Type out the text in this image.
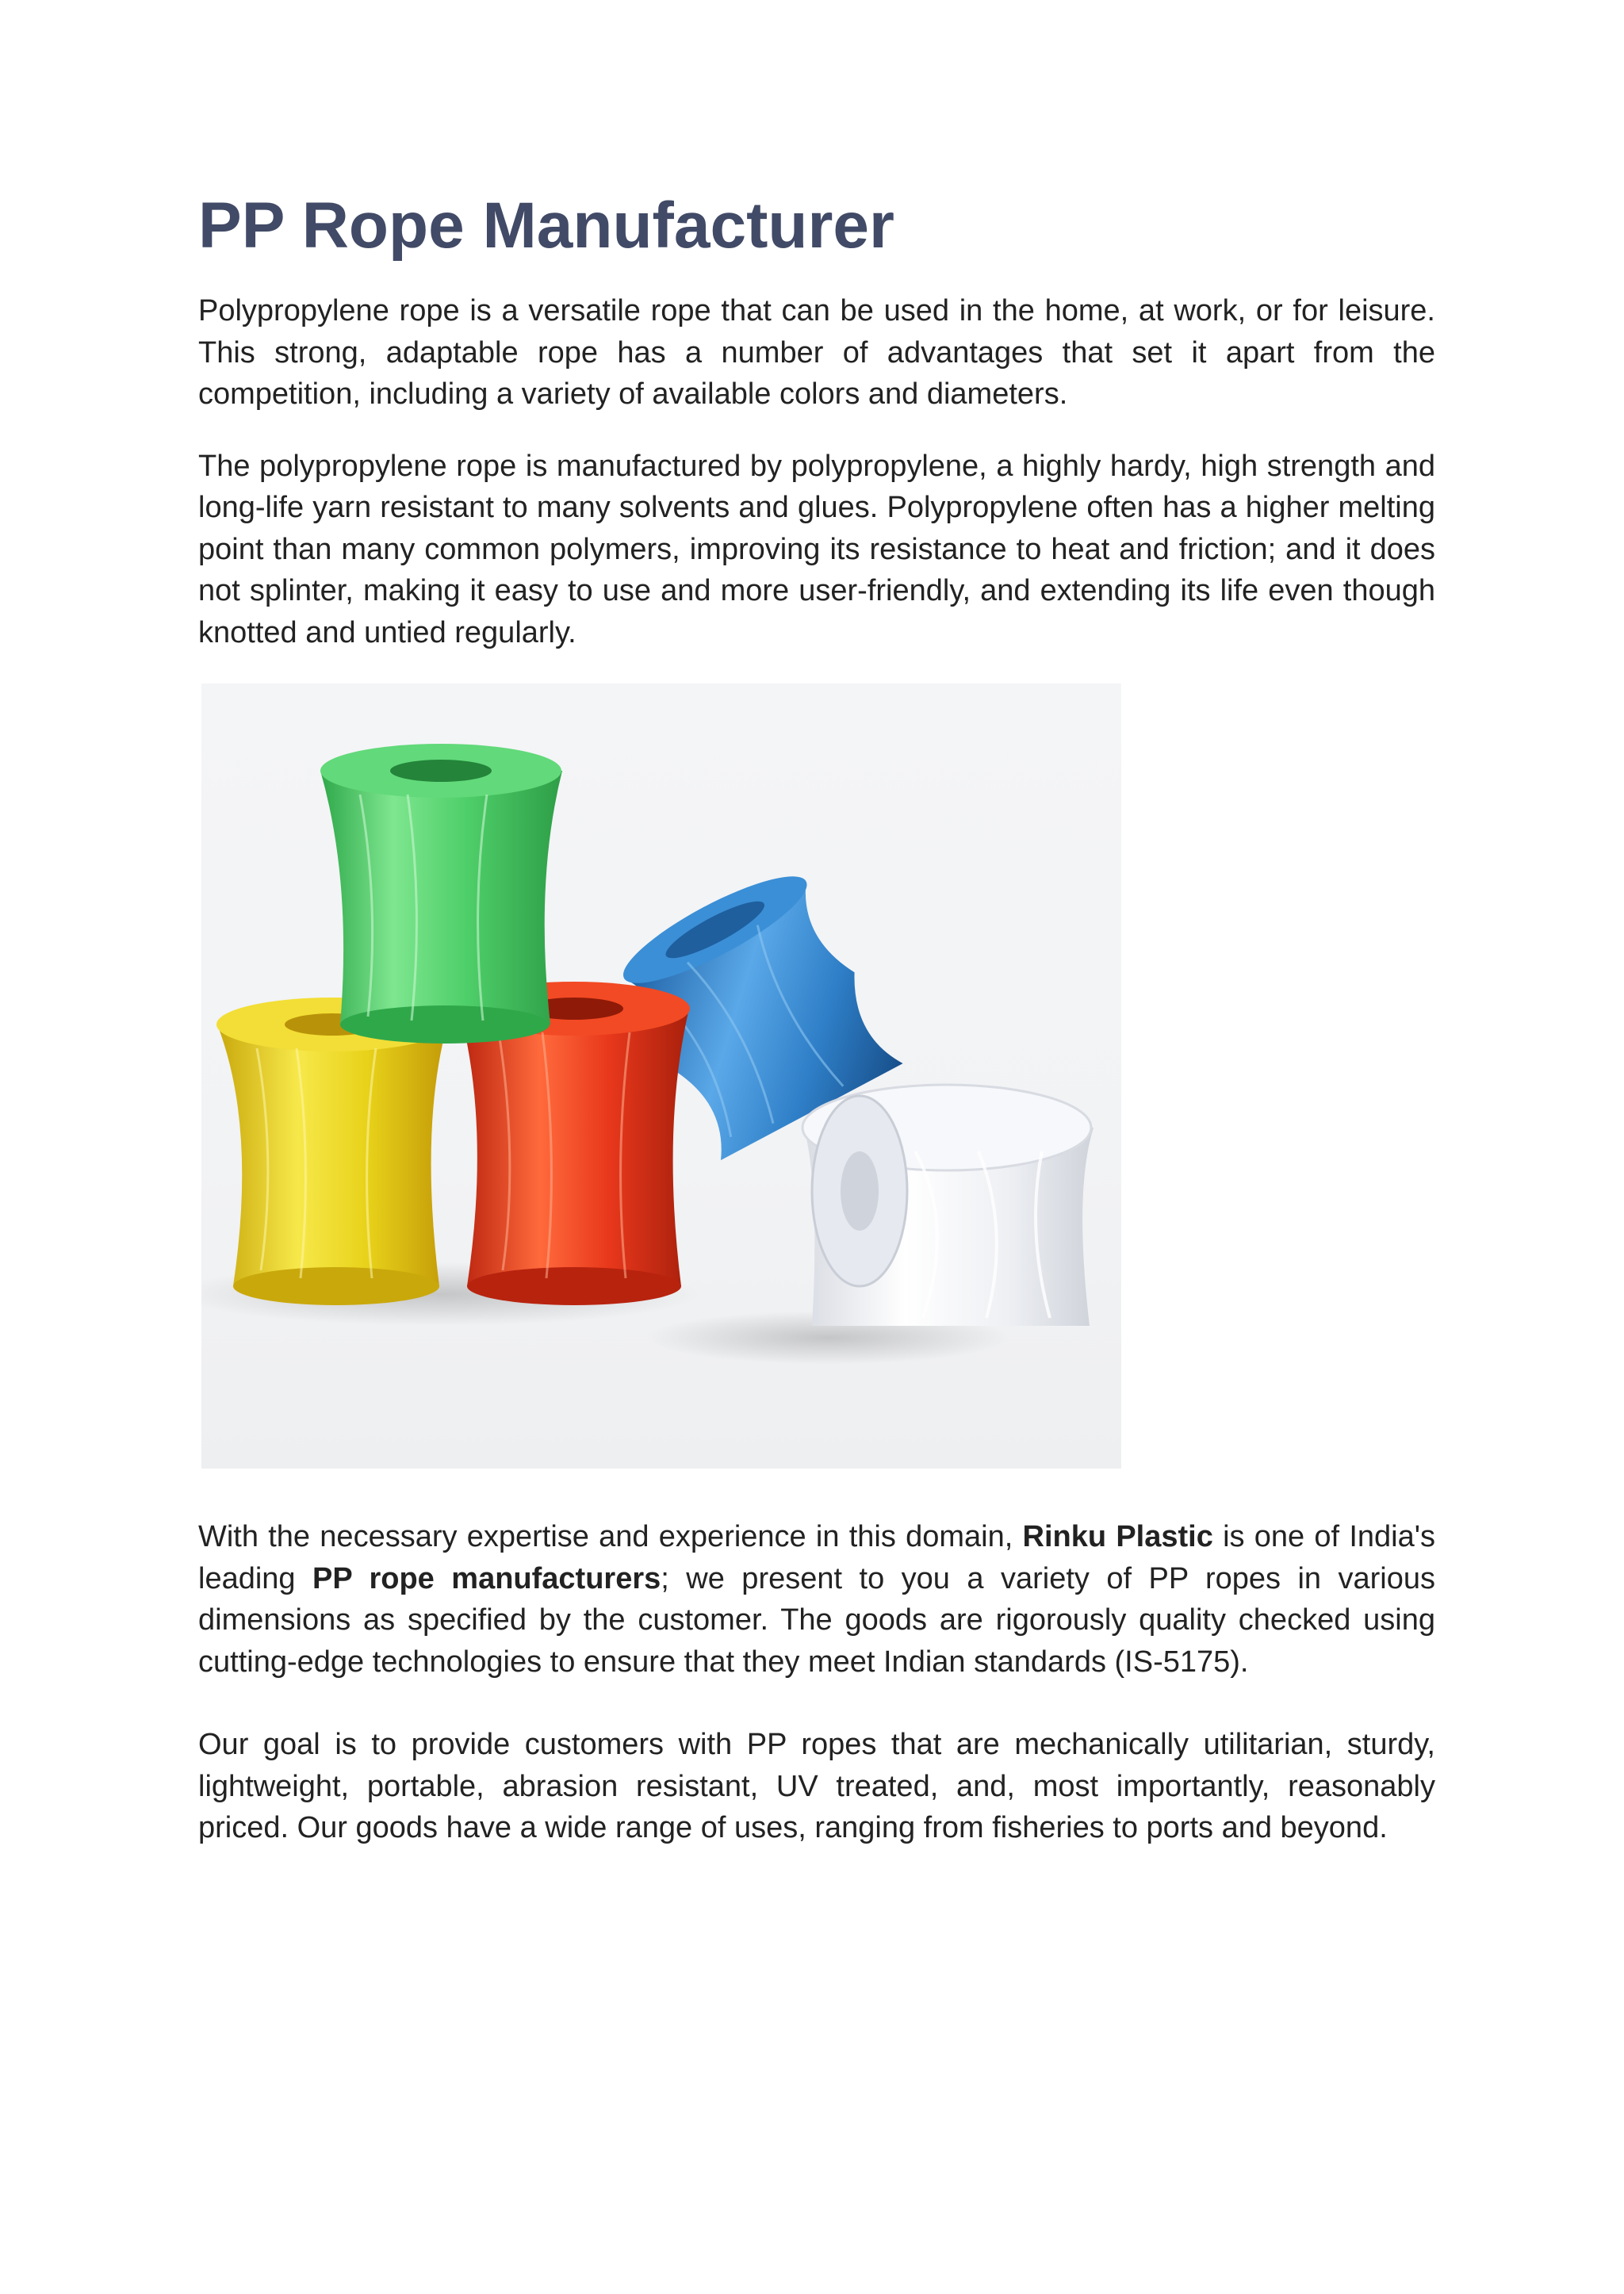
PP Rope Manufacturer

Polypropylene rope is a versatile rope that can be used in the home, at work, or for leisure. This strong, adaptable rope has a number of advantages that set it apart from the competition, including a variety of available colors and diameters.

The polypropylene rope is manufactured by polypropylene, a highly hardy, high strength and long-life yarn resistant to many solvents and glues. Polypropylene often has a higher melting point than many common polymers, improving its resistance to heat and friction; and it does not splinter, making it easy to use and more user-friendly, and extending its life even though knotted and untied regularly.

With the necessary expertise and experience in this domain, Rinku Plastic is one of India's leading PP rope manufacturers; we present to you a variety of PP ropes in various dimensions as specified by the customer. The goods are rigorously quality checked using cutting-edge technologies to ensure that they meet Indian standards (IS-5175).

Our goal is to provide customers with PP ropes that are mechanically utilitarian, sturdy, lightweight, portable, abrasion resistant, UV treated, and, most importantly, reasonably priced. Our goods have a wide range of uses, ranging from fisheries to ports and beyond.
